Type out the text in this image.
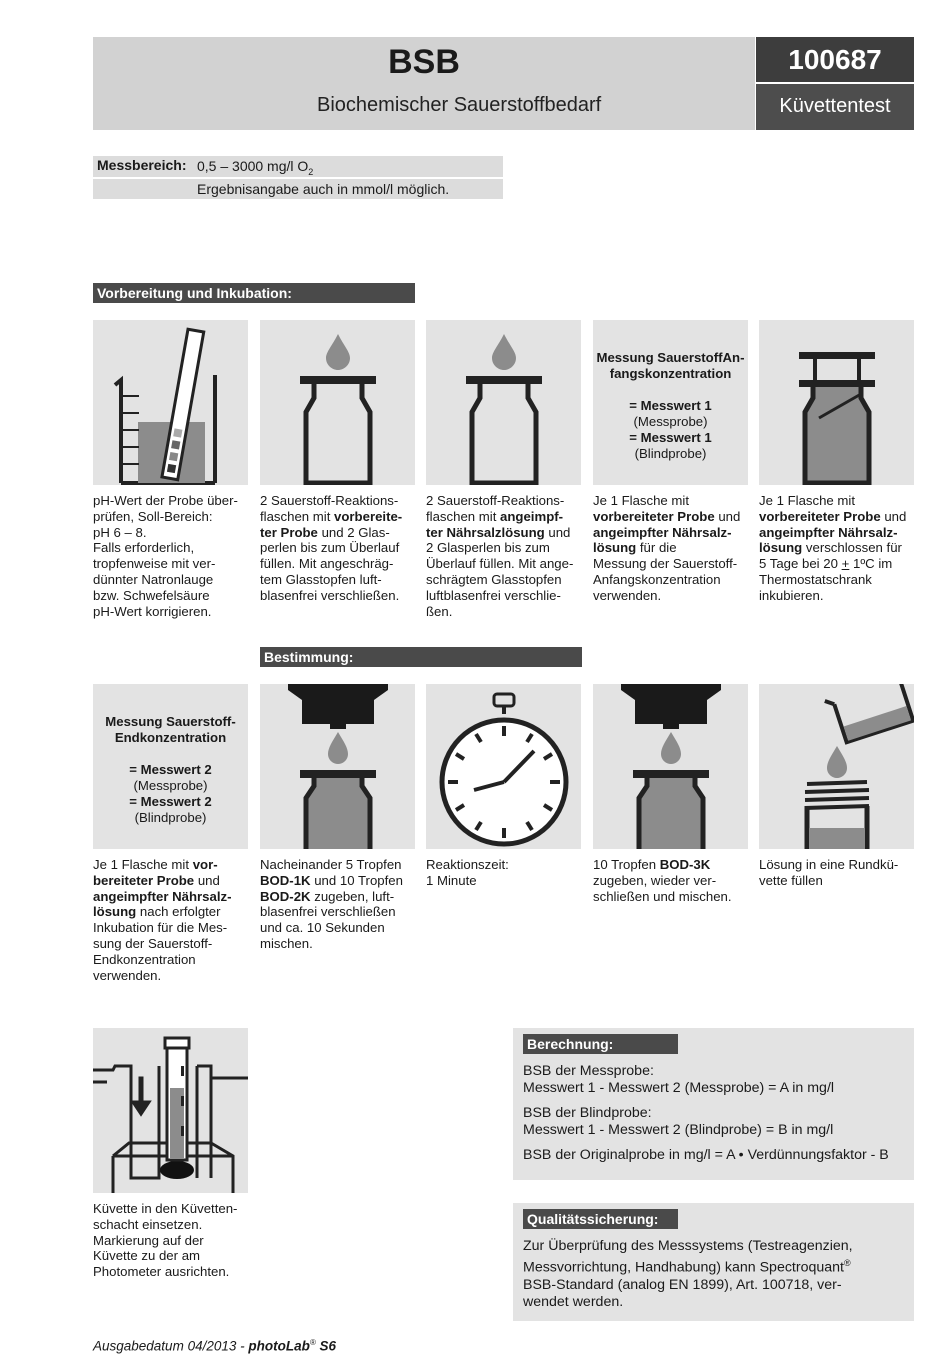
BSB
Biochemischer Sauerstoffbedarf
100687
Küvettentest
Messbereich: 0,5 – 3000 mg/l $O_2$
Ergebnisangabe auch in mmol/l möglich.
Vorbereitung und Inkubation:
Messung SauerstoffAn-
fangskonzentration
= Messwert 1
(Messprobe)
= Messwert 1
(Blindprobe)
pH-Wert der Probe über-
prüfen, Soll-Bereich:
pH 6 – 8.
Falls erforderlich,
tropfenweise mit ver-
dünnter Natronlauge
bzw. Schwefelsäure
pH-Wert korrigieren.
2 Sauerstoff-Reaktions-
flaschen mit vorbereite-
ter Probe und 2 Glas-
perlen bis zum Überlauf
füllen. Mit angeschräg-
tem Glasstopfen luft-
blasenfrei verschließen.
2 Sauerstoff-Reaktions-
flaschen mit angeimpf-
ter Nährsalzlösung und
2 Glasperlen bis zum
Überlauf füllen. Mit ange-
schrägtem Glasstopfen
luftblasenfrei verschlie-
ßen.
Je 1 Flasche mit
vorbereiteter Probe und
angeimpfter Nährsalz-
lösung für die
Messung der Sauerstoff-
Anfangskonzentration
verwenden.
Je 1 Flasche mit
vorbereiteter Probe und
angeimpfter Nährsalz-
lösung verschlossen für
5 Tage bei 20 + 1ºC im
Thermostatschrank
inkubieren.
Bestimmung:
Messung Sauerstoff-
Endkonzentration
= Messwert 2
(Messprobe)
= Messwert 2
(Blindprobe)
Je 1 Flasche mit vor-
bereiteter Probe und
angeimpfter Nährsalz-
lösung nach erfolgter
Inkubation für die Mes-
sung der Sauerstoff-
Endkonzentration
verwenden.
Nacheinander 5 Tropfen
BOD-1K und 10 Tropfen
BOD-2K zugeben, luft-
blasenfrei verschließen
und ca. 10 Sekunden
mischen.
Reaktionszeit:
1 Minute
10 Tropfen BOD-3K
zugeben, wieder ver-
schließen und mischen.
Lösung in eine Rundkü-
vette füllen
Küvette in den Küvetten-
schacht einsetzen.
Markierung auf der
Küvette zu der am
Photometer ausrichten.
Berechnung:
BSB der Messprobe:
Messwert 1 - Messwert 2 (Messprobe) = A in mg/l
BSB der Blindprobe:
Messwert 1 - Messwert 2 (Blindprobe) = B in mg/l
BSB der Originalprobe in mg/l = A • Verdünnungsfaktor - B
Qualitätssicherung:
Zur Überprüfung des Messsystems (Testreagenzien,
Messvorrichtung, Handhabung) kann Spectroquant®
BSB-Standard (analog EN 1899), Art. 100718, ver-
wendet werden.
Ausgabedatum 04/2013 - photoLab® S6
